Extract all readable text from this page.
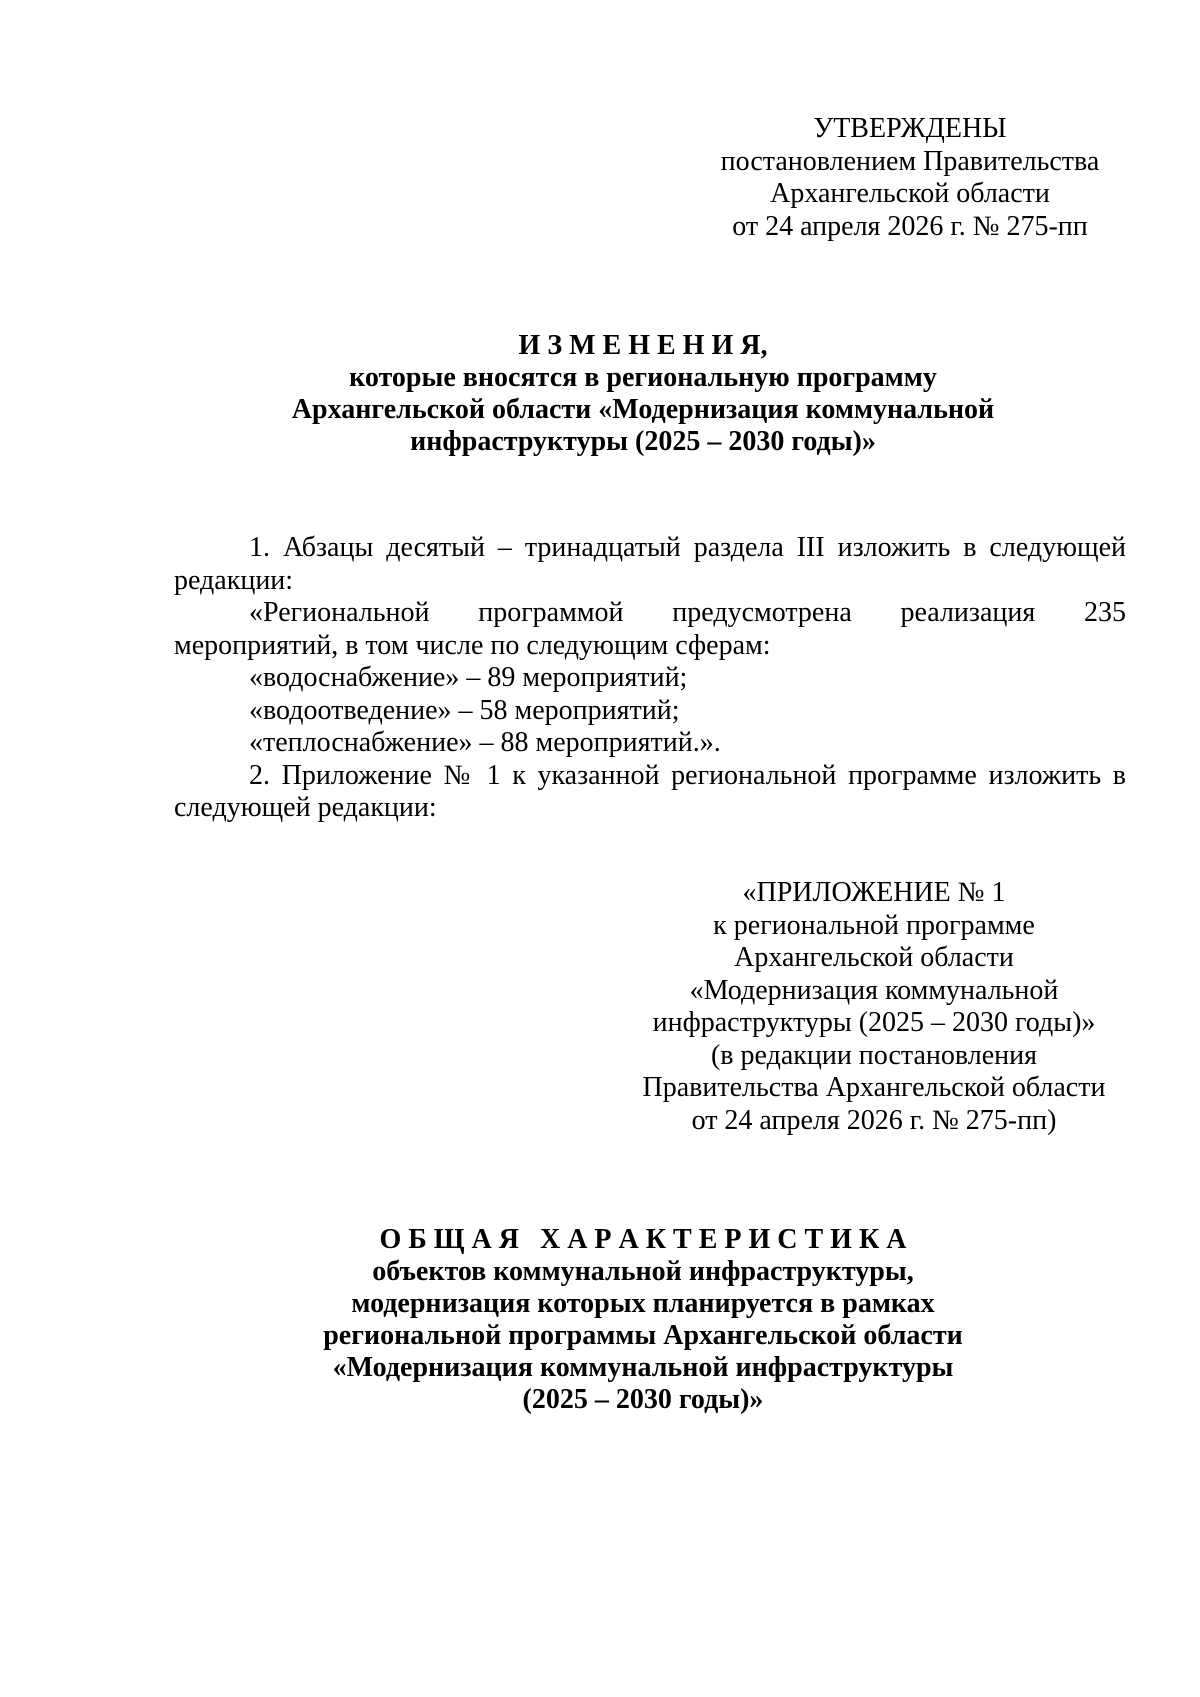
УТВЕРЖДЕНЫ
постановлением Правительства
Архангельской области
от 24 апреля 2026 г. № 275-пп
И З М Е Н Е Н И Я,
которые вносятся в региональную программу
Архангельской области «Модернизация коммунальной
инфраструктуры (2025 – 2030 годы)»

1. Абзацы десятый – тринадцатый раздела III изложить в следующей редакции:

«Региональной программой предусмотрена реализация 235 мероприятий, в том числе по следующим сферам:

«водоснабжение» – 89 мероприятий;

«водоотведение» – 58 мероприятий;

«теплоснабжение» – 88 мероприятий.».

2. Приложение № 1 к указанной региональной программе изложить в следующей редакции:

«ПРИЛОЖЕНИЕ № 1
к региональной программе
Архангельской области
«Модернизация коммунальной
инфраструктуры (2025 – 2030 годы)»
(в редакции постановления
Правительства Архангельской области
от 24 апреля 2026 г. № 275-пп)
О Б Щ А Я   Х А Р А К Т Е Р И С Т И К А
объектов коммунальной инфраструктуры,
модернизация которых планируется в рамках
региональной программы Архангельской области
«Модернизация коммунальной инфраструктуры
(2025 – 2030 годы)»
